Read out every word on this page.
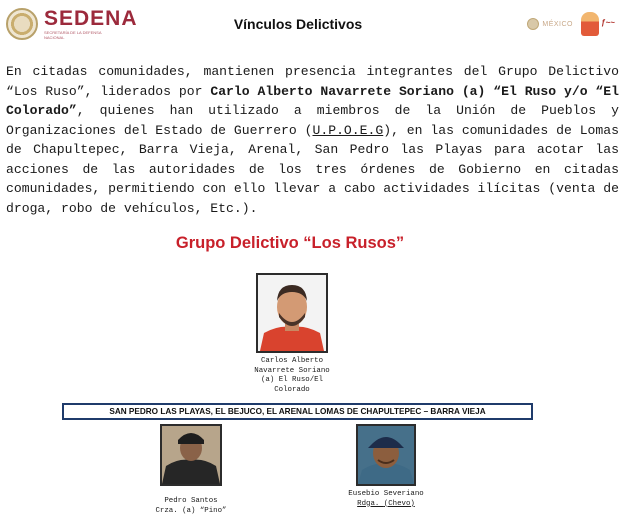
SEDENA
SECRETARÍA DE LA DEFENSA NACIONAL
Vínculos Delictivos	MÉXICO	ƒ~~

En citadas comunidades, mantienen presencia integrantes del Grupo Delictivo “Los Ruso”, liderados por Carlo Alberto Navarrete Soriano (a) “El Ruso y/o “El Colorado”, quienes han utilizado a miembros de la Unión de Pueblos y Organizaciones del Estado de Guerrero (U.P.O.E.G), en las comunidades de Lomas de Chapultepec, Barra Vieja, Arenal, San Pedro las Playas para acotar las acciones de las autoridades de los tres órdenes de Gobierno en citadas comunidades, permitiendo con ello llevar a cabo actividades ilícitas (venta de droga, robo de vehículos, Etc.).

Grupo Delictivo “Los Rusos”
Carlos Alberto
Navarrete Soriano
(a) El Ruso/El
Colorado
SAN PEDRO LAS PLAYAS, EL BEJUCO, EL ARENAL LOMAS DE CHAPULTEPEC – BARRA VIEJA
Pedro Santos
Crza. (a) “Pino”
Eusebio Severiano
Rdga. (Chevo)
